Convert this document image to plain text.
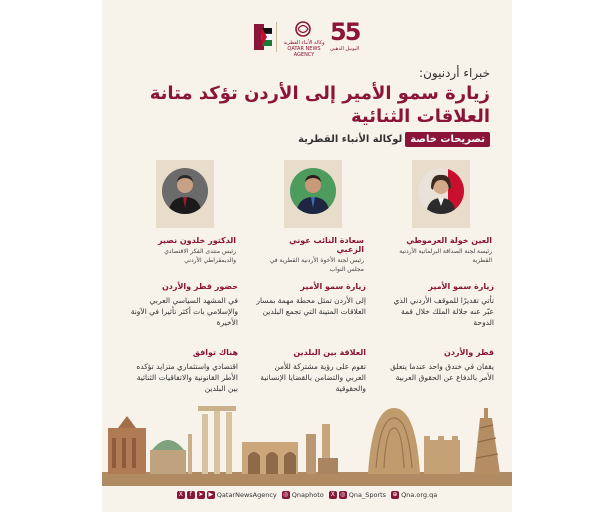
55
اليوبيل الذهبي
وكالة الأنباء القطرية
QATAR NEWS AGENCY
خبراء أردنيون:
زيارة سمو الأمير إلى الأردن تؤكد متانة العلاقات الثنائية
تصريحات خاصة
لوكالة الأنباء القطرية
العين خولة العرموطي
رئيسة لجنة الصداقة البرلمانية الأردنية القطرية
سعادة النائب عوني الزعبي
رئيس لجنة الأخوة الأردنية القطرية في مجلس النواب
الدكتور خلدون نصير
رئيس منتدى الفكر الاقتصادي والديمقراطي الأردني
زيارة سمو الأمير
تأتي تقديرًا للموقف الأردني الذي عبّر عنه جلالة الملك خلال قمة الدوحة
زيارة سمو الأمير
إلى الأردن تمثل محطة مهمة بمسار العلاقات المتينة التي تجمع البلدين
حضور قطر والأردن
في المشهد السياسي العربي والإسلامي بات أكثر تأثيرا في الآونة الأخيرة
قطر والأردن
يقفان في خندق واحد عندما يتعلق الأمر بالدفاع عن الحقوق العربية
العلاقة بين البلدين
تقوم على رؤية مشتركة للأمن العربي والتضامن بالقضايا الإنسانية والحقوقية
هناك توافق
اقتصادي واستثماري متزايد تؤكده الأطر القانونية والاتفاقيات الثنائية بين البلدين
X	f	➤ ▶ QatarNewsAgency ◎ Qnaphoto	X ◎ Qna_Sports ⊕ Qna.org.qa
